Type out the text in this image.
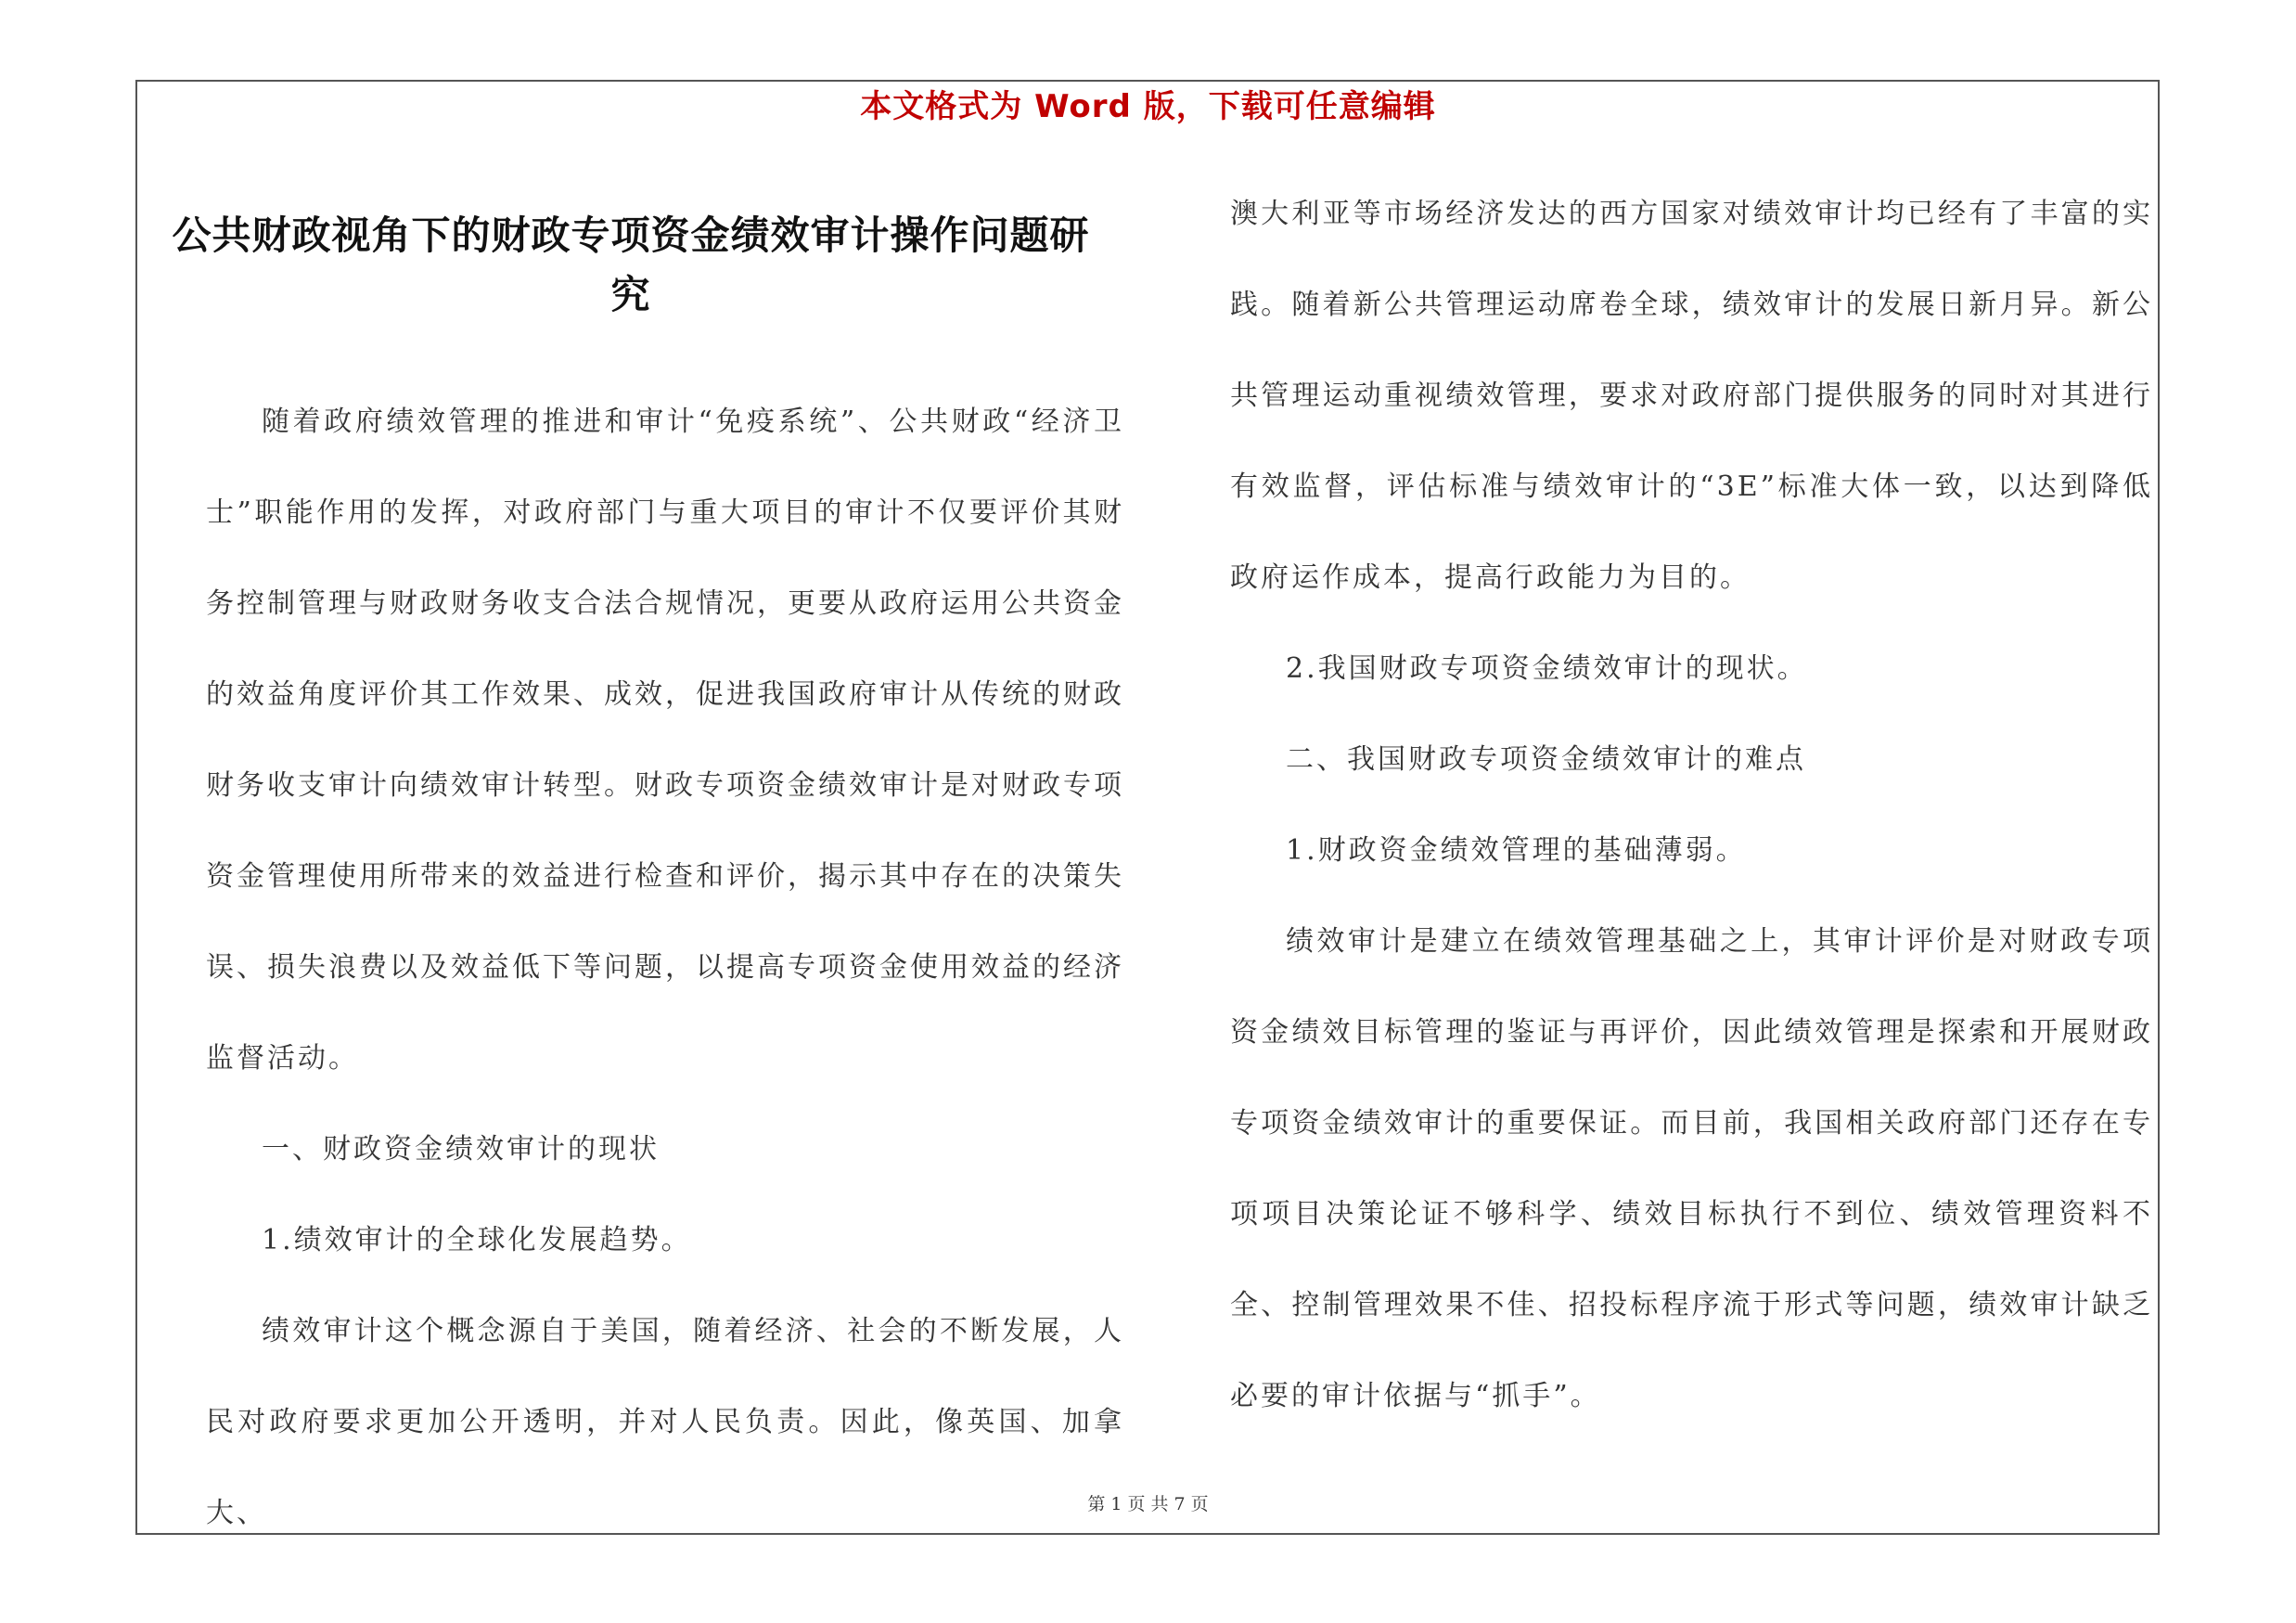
本文格式为 Word 版，下载可任意编辑
公共财政视角下的财政专项资金绩效审计操作问题研究

随着政府绩效管理的推进和审计“免疫系统”、公共财政“经济卫士”职能作用的发挥，对政府部门与重大项目的审计不仅要评价其财务控制管理与财政财务收支合法合规情况，更要从政府运用公共资金的效益角度评价其工作效果、成效，促进我国政府审计从传统的财政财务收支审计向绩效审计转型。财政专项资金绩效审计是对财政专项资金管理使用所带来的效益进行检查和评价，揭示其中存在的决策失误、损失浪费以及效益低下等问题，以提高专项资金使用效益的经济监督活动。

一、财政资金绩效审计的现状

1.绩效审计的全球化发展趋势。

绩效审计这个概念源自于美国，随着经济、社会的不断发展，人民对政府要求更加公开透明，并对人民负责。因此，像英国、加拿大、

澳大利亚等市场经济发达的西方国家对绩效审计均已经有了丰富的实践。随着新公共管理运动席卷全球，绩效审计的发展日新月异。新公共管理运动重视绩效管理，要求对政府部门提供服务的同时对其进行有效监督，评估标准与绩效审计的“3E”标准大体一致，以达到降低政府运作成本，提高行政能力为目的。

2.我国财政专项资金绩效审计的现状。

二、我国财政专项资金绩效审计的难点

1.财政资金绩效管理的基础薄弱。

绩效审计是建立在绩效管理基础之上，其审计评价是对财政专项资金绩效目标管理的鉴证与再评价，因此绩效管理是探索和开展财政专项资金绩效审计的重要保证。而目前，我国相关政府部门还存在专项项目决策论证不够科学、绩效目标执行不到位、绩效管理资料不全、控制管理效果不佳、招投标程序流于形式等问题，绩效审计缺乏必要的审计依据与“抓手”。

第 1 页 共 7 页
